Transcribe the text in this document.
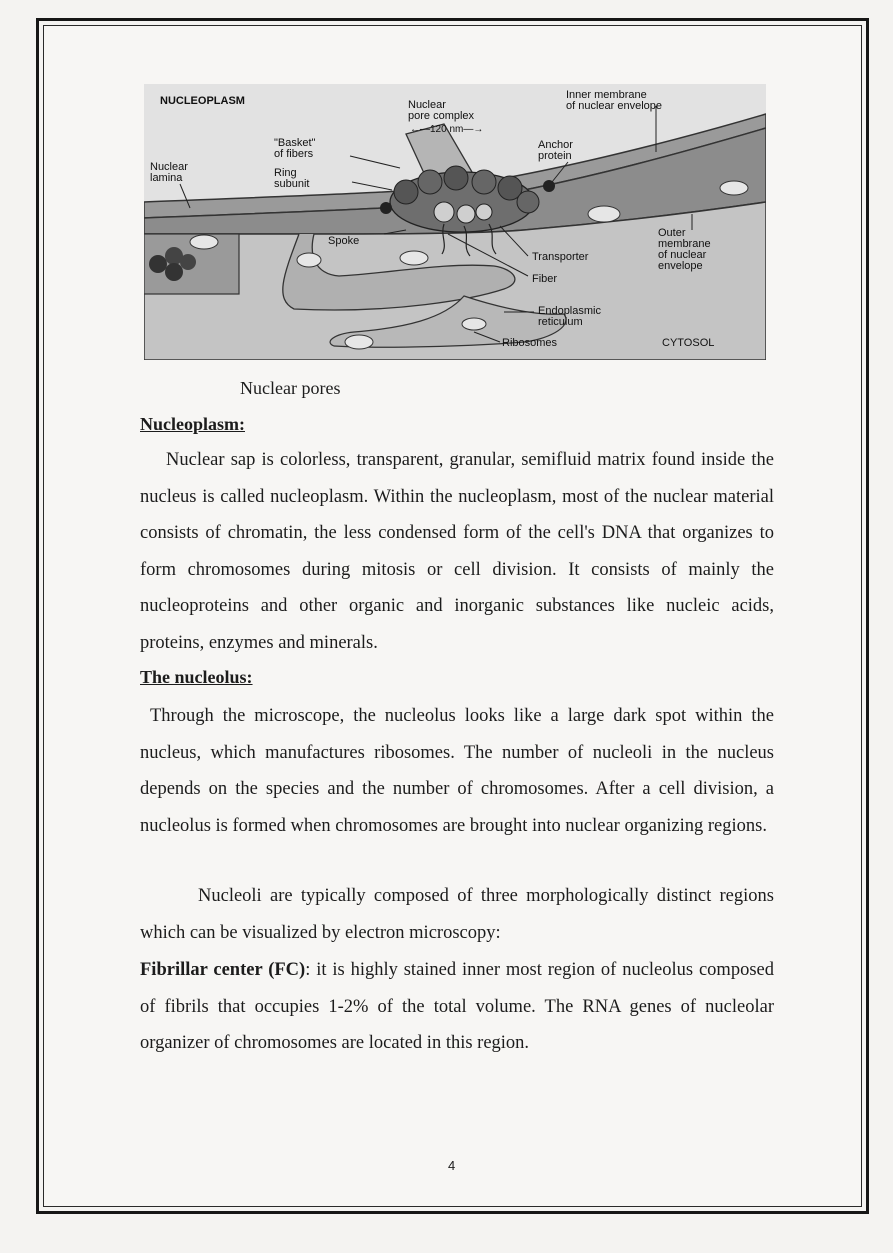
NUCLEOPLASM	Nuclear
pore complex
←—120 nm—→
Inner membrane
of nuclear envelope
"Basket"
of fibers
Anchor
protein
Nuclear
lamina	Ring
subunit
Spoke
Outer
membrane
of nuclear
envelope
Transporter
Fiber
Endoplasmic
reticulum
Ribosomes	CYTOSOL
Nuclear pores
Nucleoplasm:

Nuclear sap is colorless, transparent, granular, semifluid matrix found inside the nucleus is called nucleoplasm. Within the nucleoplasm, most of the nuclear material consists of chromatin, the less condensed form of the cell's DNA that organizes to form chromosomes during mitosis or cell division. It consists of mainly the nucleoproteins and other organic and inorganic substances like nucleic acids, proteins, enzymes and minerals.

The nucleolus:

Through the microscope, the nucleolus looks like a large dark spot within the nucleus, which manufactures ribosomes. The number of nucleoli in the nucleus depends on the species and the number of chromosomes. After a cell division, a nucleolus is formed when chromosomes are brought into nuclear organizing regions.

Nucleoli are typically composed of three morphologically distinct regions which can be visualized by electron microscopy:

Fibrillar center (FC): it is highly stained inner most region of nucleolus composed of fibrils that occupies 1-2% of the total volume. The RNA genes of nucleolar organizer of chromosomes are located in this region.

4
